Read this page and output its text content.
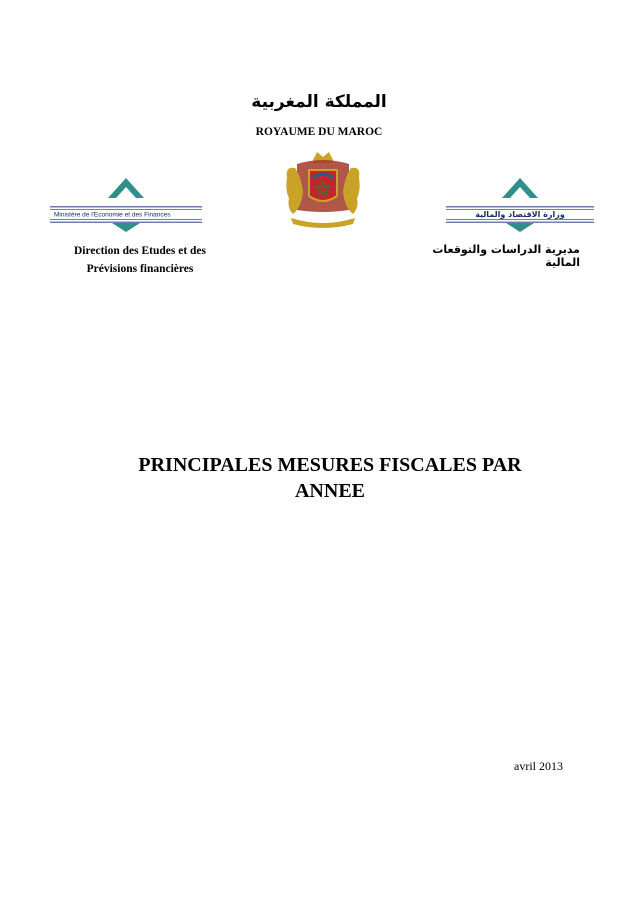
المملكة المغربية
ROYAUME DU MAROC
Ministère de l'Economie et des Finances	وزارة الاقتصاد والمالية
Direction des Etudes et des
Prévisions financières
مديرية الدراسات والتوقعات المالية
PRINCIPALES MESURES FISCALES PAR
ANNEE
avril 2013
